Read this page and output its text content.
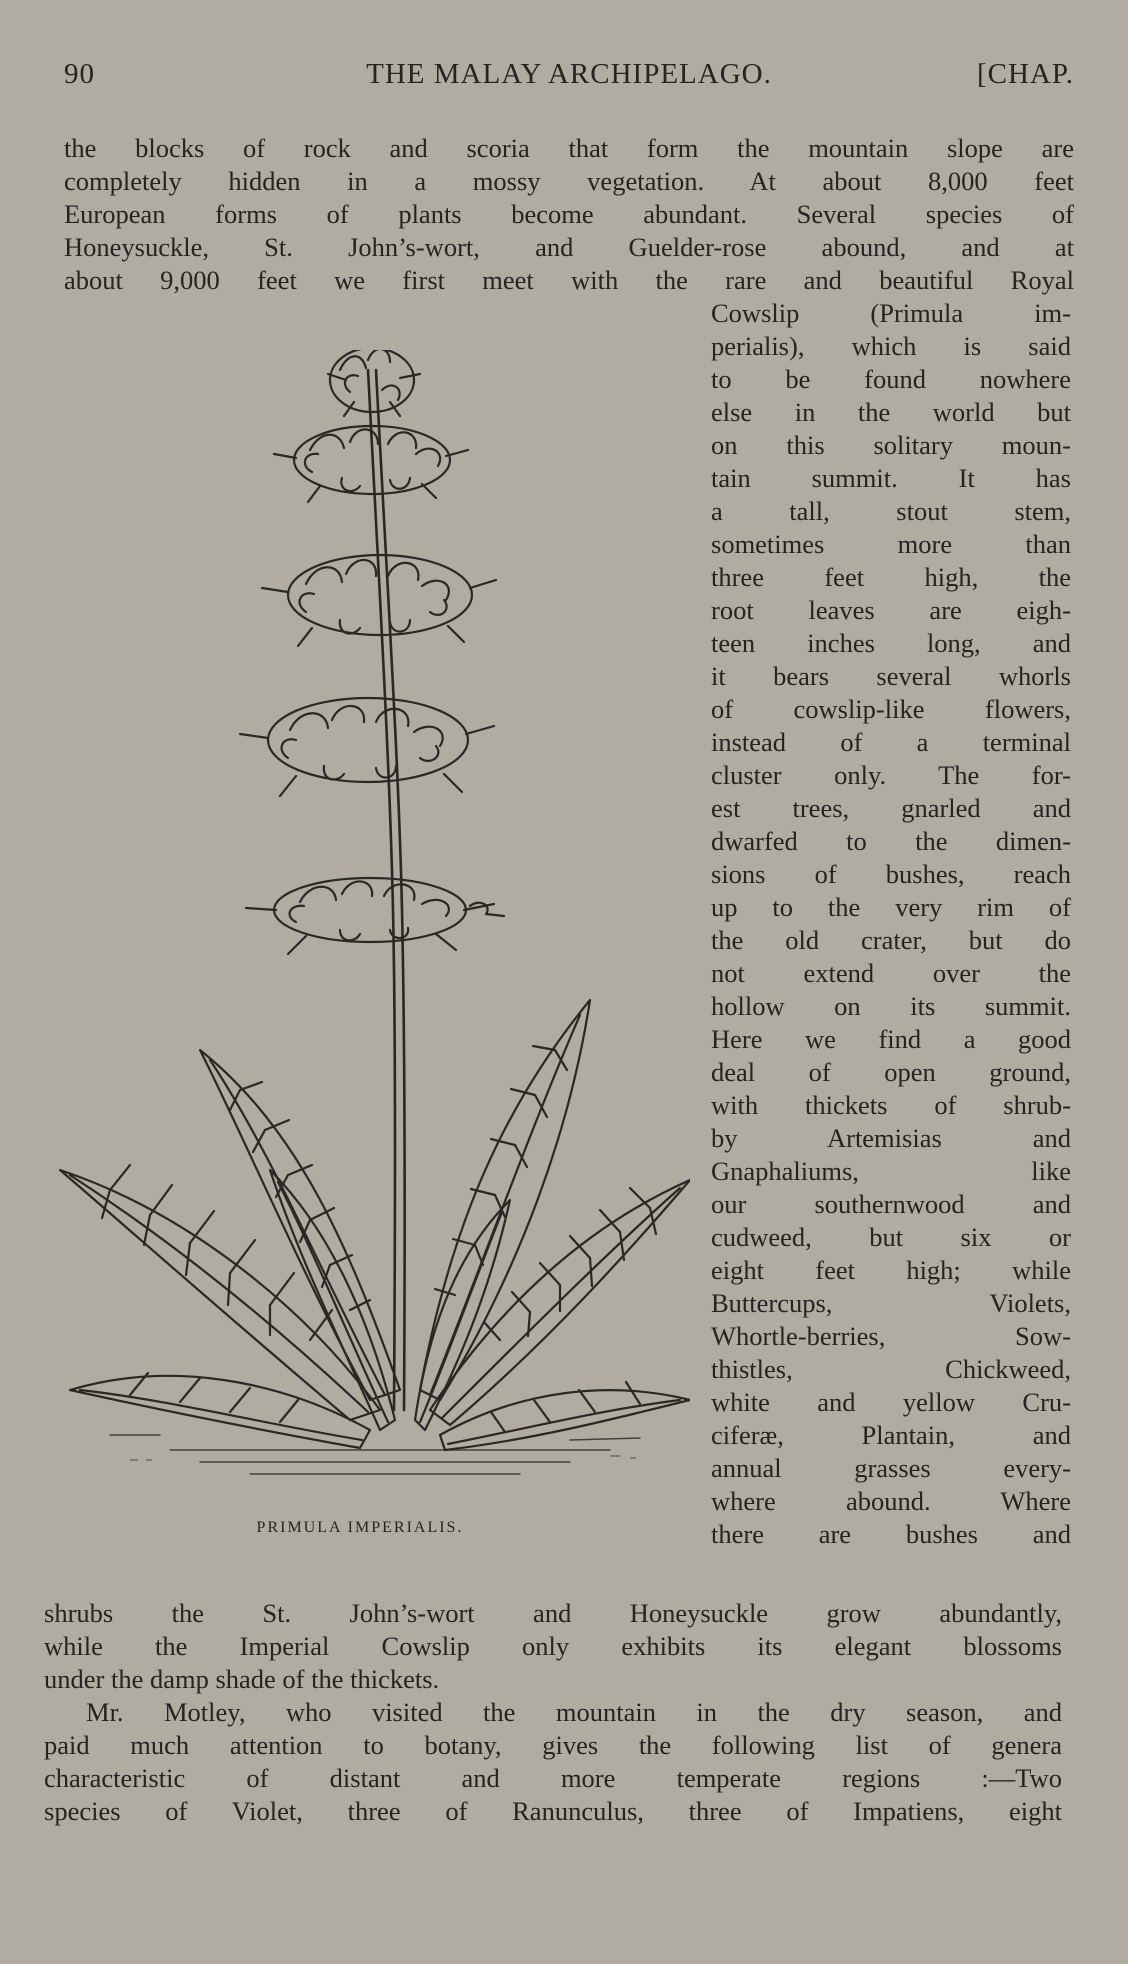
90	THE MALAY ARCHIPELAGO.	[CHAP.
the blocks of rock and scoria that form the mountain slope are
completely hidden in a mossy vegetation. At about 8,000 feet
European forms of plants become abundant. Several species of
Honeysuckle, St. John’s-wort, and Guelder-rose abound, and at
about 9,000 feet we first meet with the rare and beautiful Royal
Cowslip (Primula im-
perialis), which is said
to be found nowhere
else in the world but
on this solitary moun-
tain summit. It has
a tall, stout stem,
sometimes more than
three feet high, the
root leaves are eigh-
teen inches long, and
it bears several whorls
of cowslip-like flowers,
instead of a terminal
cluster only. The for-
est trees, gnarled and
dwarfed to the dimen-
sions of bushes, reach
up to the very rim of
the old crater, but do
not extend over the
hollow on its summit.
Here we find a good
deal of open ground,
with thickets of shrub-
by Artemisias and
Gnaphaliums, like
our southernwood and
cudweed, but six or
eight feet high; while
Buttercups, Violets,
Whortle-berries, Sow-
thistles, Chickweed,
white and yellow Cru-
ciferæ, Plantain, and
annual grasses every-
where abound. Where
there are bushes and
PRIMULA IMPERIALIS.
shrubs the St. John’s-wort and Honeysuckle grow abundantly,
while the Imperial Cowslip only exhibits its elegant blossoms
under the damp shade of the thickets.
Mr. Motley, who visited the mountain in the dry season, and
paid much attention to botany, gives the following list of genera
characteristic of distant and more temperate regions :—Two
species of Violet, three of Ranunculus, three of Impatiens, eight
